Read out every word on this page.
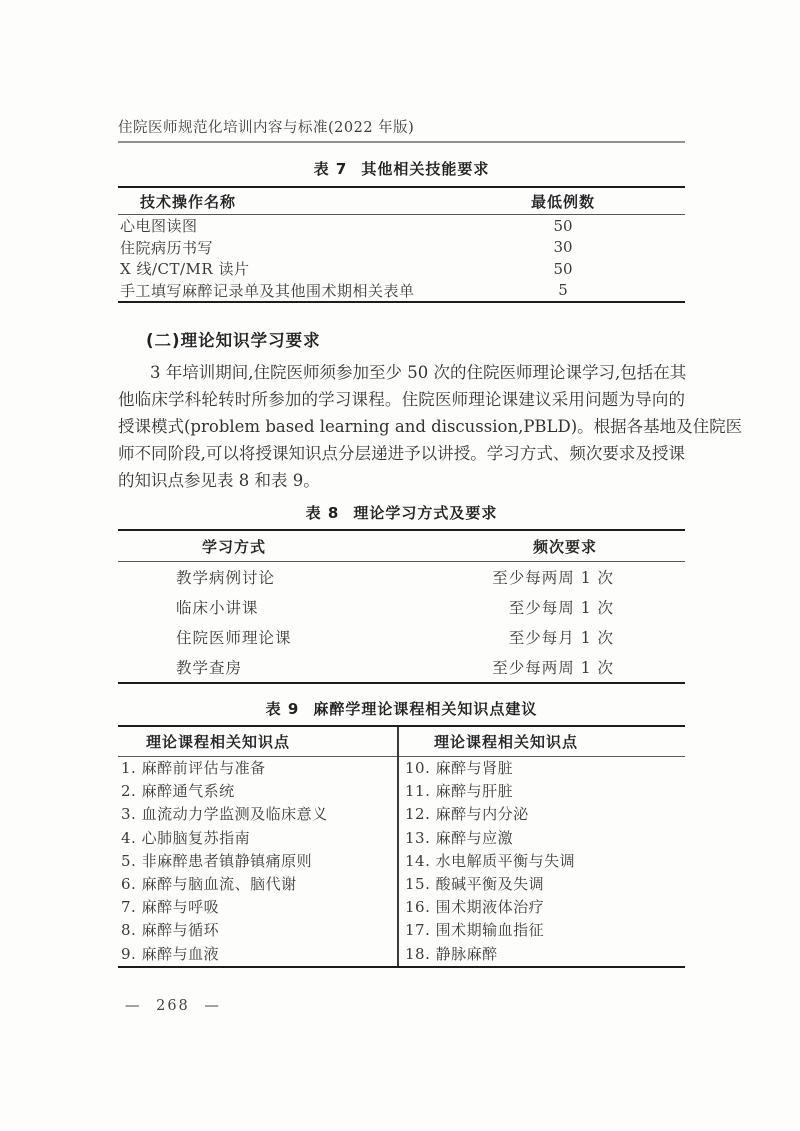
住院医师规范化培训内容与标准(2022 年版)
表 7 其他相关技能要求
技术操作名称	最低例数
心电图读图	50
住院病历书写	30
X 线/CT/MR 读片	50
手工填写麻醉记录单及其他围术期相关表单	5
(二)理论知识学习要求
3 年培训期间,住院医师须参加至少 50 次的住院医师理论课学习,包括在其
他临床学科轮转时所参加的学习课程。住院医师理论课建议采用问题为导向的
授课模式(problem based learning and discussion,PBLD)。根据各基地及住院医
师不同阶段,可以将授课知识点分层递进予以讲授。学习方式、频次要求及授课
的知识点参见表 8 和表 9。
表 8 理论学习方式及要求
学习方式	频次要求
教学病例讨论	至少每两周 1 次
临床小讲课	至少每周 1 次
住院医师理论课	至少每月 1 次
教学查房	至少每两周 1 次
表 9 麻醉学理论课程相关知识点建议
理论课程相关知识点
1. 麻醉前评估与准备
2. 麻醉通气系统
3. 血流动力学监测及临床意义
4. 心肺脑复苏指南
5. 非麻醉患者镇静镇痛原则
6. 麻醉与脑血流、脑代谢
7. 麻醉与呼吸
8. 麻醉与循环
9. 麻醉与血液
理论课程相关知识点
10. 麻醉与肾脏
11. 麻醉与肝脏
12. 麻醉与内分泌
13. 麻醉与应激
14. 水电解质平衡与失调
15. 酸碱平衡及失调
16. 围术期液体治疗
17. 围术期输血指征
18. 静脉麻醉
— 268 —
